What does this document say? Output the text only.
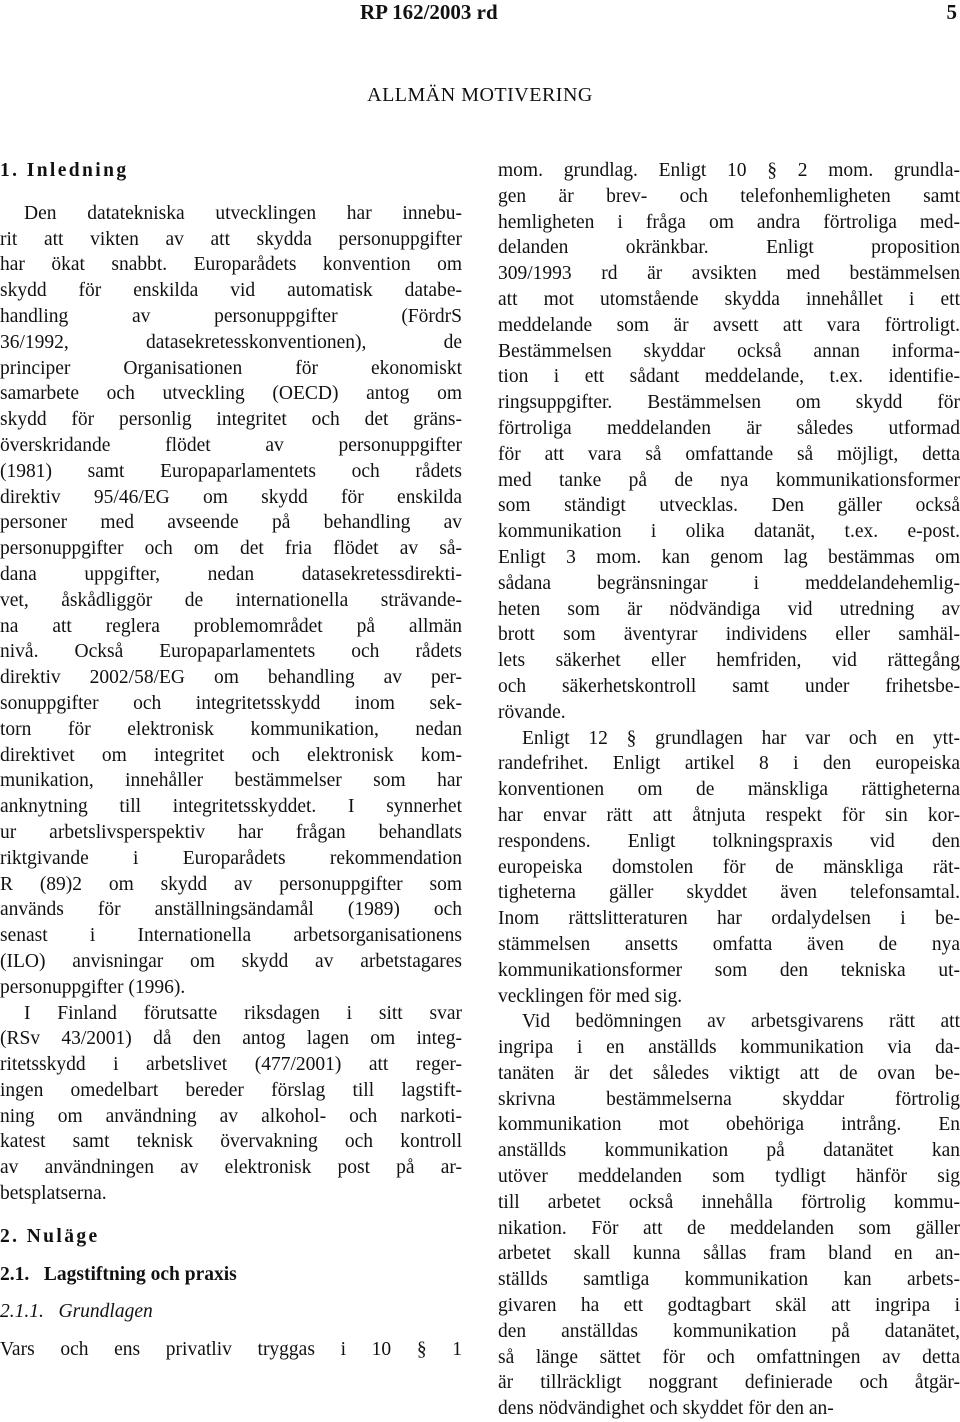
RP 162/2003 rd	5
ALLMÄN MOTIVERING
1. Inledning

Den datatekniska utvecklingen har innebu-
rit att vikten av att skydda personuppgifter
har ökat snabbt. Europarådets konvention om
skydd för enskilda vid automatisk databe-
handling av personuppgifter (FördrS
36/1992, datasekretesskonventionen), de
principer Organisationen för ekonomiskt
samarbete och utveckling (OECD) antog om
skydd för personlig integritet och det gräns-
överskridande flödet av personuppgifter
(1981) samt Europaparlamentets och rådets
direktiv 95/46/EG om skydd för enskilda
personer med avseende på behandling av
personuppgifter och om det fria flödet av så-
dana uppgifter, nedan datasekretessdirekti-
vet, åskådliggör de internationella strävande-
na att reglera problemområdet på allmän
nivå. Också Europaparlamentets och rådets
direktiv 2002/58/EG om behandling av per-
sonuppgifter och integritetsskydd inom sek-
torn för elektronisk kommunikation, nedan
direktivet om integritet och elektronisk kom-
munikation, innehåller bestämmelser som har
anknytning till integritetsskyddet. I synnerhet
ur arbetslivsperspektiv har frågan behandlats
riktgivande i Europarådets rekommendation
R (89)2 om skydd av personuppgifter som
används för anställningsändamål (1989) och
senast i Internationella arbetsorganisationens
(ILO) anvisningar om skydd av arbetstagares
personuppgifter (1996).

I Finland förutsatte riksdagen i sitt svar
(RSv 43/2001) då den antog lagen om integ-
ritetsskydd i arbetslivet (477/2001) att reger-
ingen omedelbart bereder förslag till lagstift-
ning om användning av alkohol- och narkoti-
katest samt teknisk övervakning och kontroll
av användningen av elektronisk post på ar-
betsplatserna.

2. Nuläge
2.1.   Lagstiftning och praxis
2.1.1.   Grundlagen

Vars och ens privatliv tryggas i 10 § 1

mom. grundlag. Enligt 10 § 2 mom. grundla-
gen är brev- och telefonhemligheten samt
hemligheten i fråga om andra förtroliga med-
delanden okränkbar. Enligt proposition
309/1993 rd är avsikten med bestämmelsen
att mot utomstående skydda innehållet i ett
meddelande som är avsett att vara förtroligt.
Bestämmelsen skyddar också annan informa-
tion i ett sådant meddelande, t.ex. identifie-
ringsuppgifter. Bestämmelsen om skydd för
förtroliga meddelanden är således utformad
för att vara så omfattande så möjligt, detta
med tanke på de nya kommunikationsformer
som ständigt utvecklas. Den gäller också
kommunikation i olika datanät, t.ex. e-post.
Enligt 3 mom. kan genom lag bestämmas om
sådana begränsningar i meddelandehemlig-
heten som är nödvändiga vid utredning av
brott som äventyrar individens eller samhäl-
lets säkerhet eller hemfriden, vid rättegång
och säkerhetskontroll samt under frihetsbe-
rövande.

Enligt 12 § grundlagen har var och en ytt-
randefrihet. Enligt artikel 8 i den europeiska
konventionen om de mänskliga rättigheterna
har envar rätt att åtnjuta respekt för sin kor-
respondens. Enligt tolkningspraxis vid den
europeiska domstolen för de mänskliga rät-
tigheterna gäller skyddet även telefonsamtal.
Inom rättslitteraturen har ordalydelsen i be-
stämmelsen ansetts omfatta även de nya
kommunikationsformer som den tekniska ut-
vecklingen för med sig.

Vid bedömningen av arbetsgivarens rätt att
ingripa i en anställds kommunikation via da-
tanäten är det således viktigt att de ovan be-
skrivna bestämmelserna skyddar förtrolig
kommunikation mot obehöriga intrång. En
anställds kommunikation på datanätet kan
utöver meddelanden som tydligt hänför sig
till arbetet också innehålla förtrolig kommu-
nikation. För att de meddelanden som gäller
arbetet skall kunna sållas fram bland en an-
ställds samtliga kommunikation kan arbets-
givaren ha ett godtagbart skäl att ingripa i
den anställdas kommunikation på datanätet,
så länge sättet för och omfattningen av detta
är tillräckligt noggrant definierade och åtgär-
dens nödvändighet och skyddet för den an-
